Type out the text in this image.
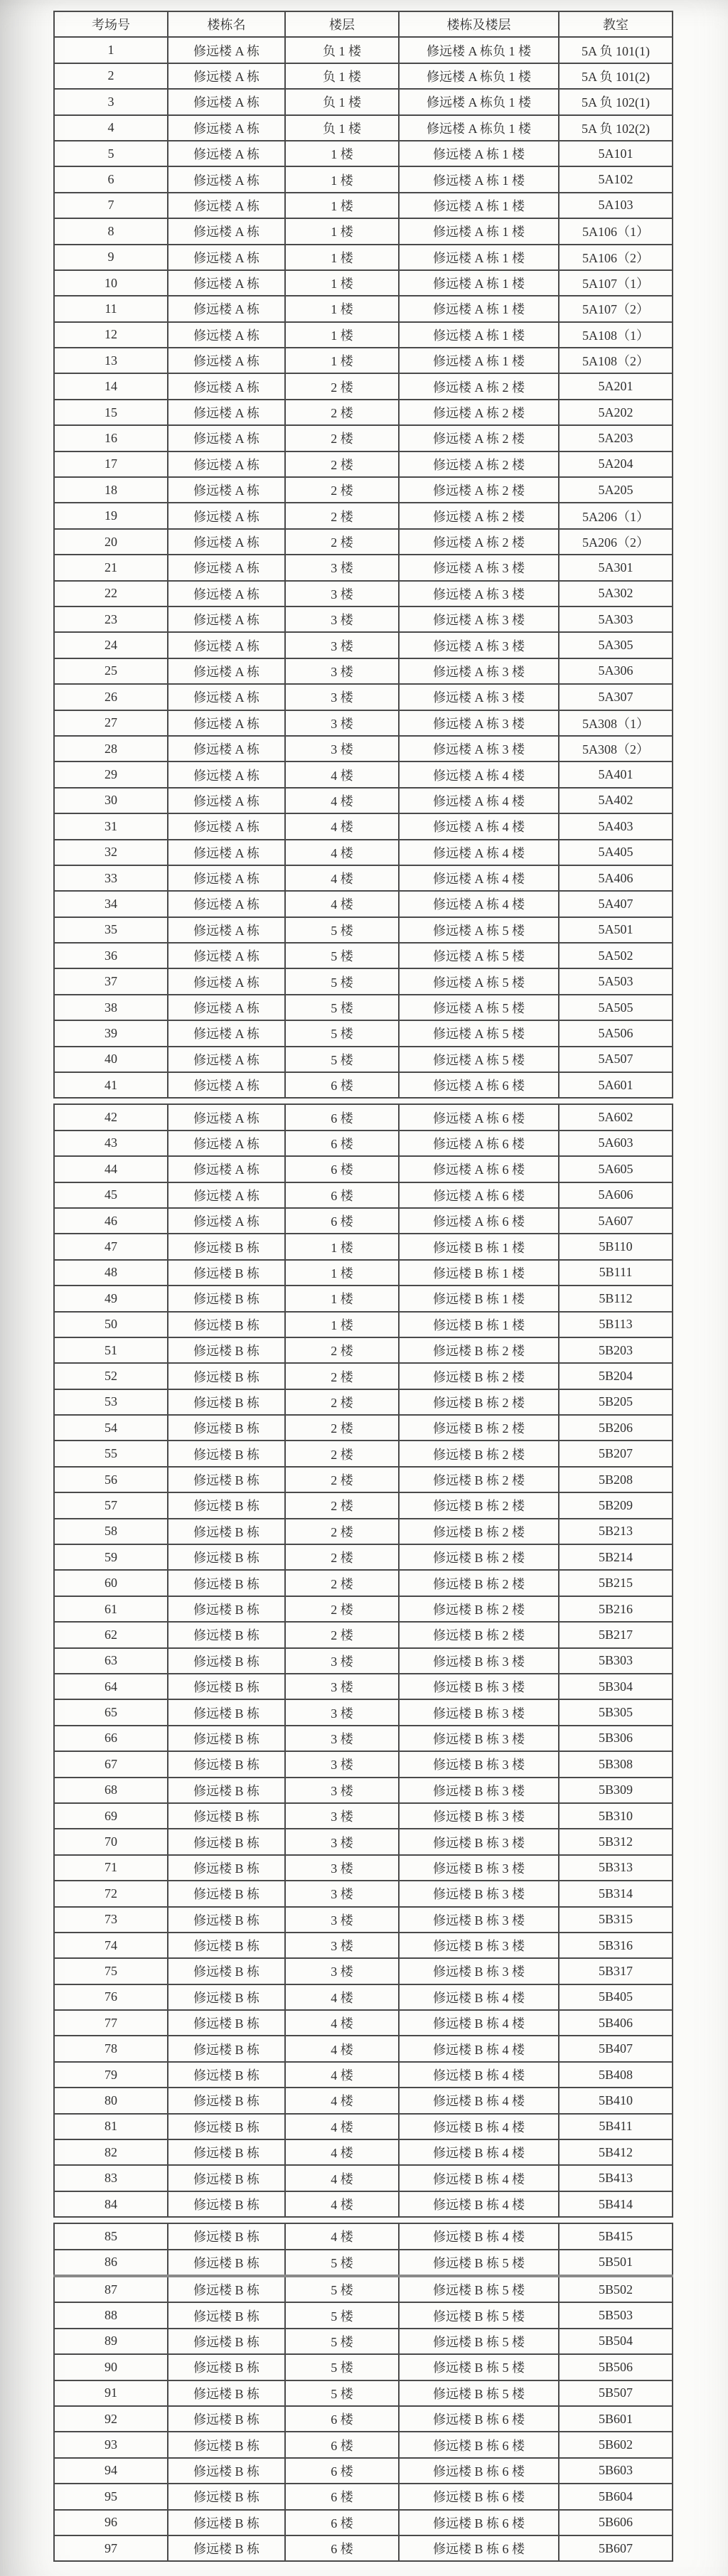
考场号	楼栋名	楼层	楼栋及楼层	教室
1	修远楼 A 栋	负 1 楼	修远楼 A 栋负 1 楼	5A 负 101(1)
2	修远楼 A 栋	负 1 楼	修远楼 A 栋负 1 楼	5A 负 101(2)
3	修远楼 A 栋	负 1 楼	修远楼 A 栋负 1 楼	5A 负 102(1)
4	修远楼 A 栋	负 1 楼	修远楼 A 栋负 1 楼	5A 负 102(2)
5	修远楼 A 栋	1 楼	修远楼 A 栋 1 楼	5A101
6	修远楼 A 栋	1 楼	修远楼 A 栋 1 楼	5A102
7	修远楼 A 栋	1 楼	修远楼 A 栋 1 楼	5A103
8	修远楼 A 栋	1 楼	修远楼 A 栋 1 楼	5A106（1）
9	修远楼 A 栋	1 楼	修远楼 A 栋 1 楼	5A106（2）
10	修远楼 A 栋	1 楼	修远楼 A 栋 1 楼	5A107（1）
11	修远楼 A 栋	1 楼	修远楼 A 栋 1 楼	5A107（2）
12	修远楼 A 栋	1 楼	修远楼 A 栋 1 楼	5A108（1）
13	修远楼 A 栋	1 楼	修远楼 A 栋 1 楼	5A108（2）
14	修远楼 A 栋	2 楼	修远楼 A 栋 2 楼	5A201
15	修远楼 A 栋	2 楼	修远楼 A 栋 2 楼	5A202
16	修远楼 A 栋	2 楼	修远楼 A 栋 2 楼	5A203
17	修远楼 A 栋	2 楼	修远楼 A 栋 2 楼	5A204
18	修远楼 A 栋	2 楼	修远楼 A 栋 2 楼	5A205
19	修远楼 A 栋	2 楼	修远楼 A 栋 2 楼	5A206（1）
20	修远楼 A 栋	2 楼	修远楼 A 栋 2 楼	5A206（2）
21	修远楼 A 栋	3 楼	修远楼 A 栋 3 楼	5A301
22	修远楼 A 栋	3 楼	修远楼 A 栋 3 楼	5A302
23	修远楼 A 栋	3 楼	修远楼 A 栋 3 楼	5A303
24	修远楼 A 栋	3 楼	修远楼 A 栋 3 楼	5A305
25	修远楼 A 栋	3 楼	修远楼 A 栋 3 楼	5A306
26	修远楼 A 栋	3 楼	修远楼 A 栋 3 楼	5A307
27	修远楼 A 栋	3 楼	修远楼 A 栋 3 楼	5A308（1）
28	修远楼 A 栋	3 楼	修远楼 A 栋 3 楼	5A308（2）
29	修远楼 A 栋	4 楼	修远楼 A 栋 4 楼	5A401
30	修远楼 A 栋	4 楼	修远楼 A 栋 4 楼	5A402
31	修远楼 A 栋	4 楼	修远楼 A 栋 4 楼	5A403
32	修远楼 A 栋	4 楼	修远楼 A 栋 4 楼	5A405
33	修远楼 A 栋	4 楼	修远楼 A 栋 4 楼	5A406
34	修远楼 A 栋	4 楼	修远楼 A 栋 4 楼	5A407
35	修远楼 A 栋	5 楼	修远楼 A 栋 5 楼	5A501
36	修远楼 A 栋	5 楼	修远楼 A 栋 5 楼	5A502
37	修远楼 A 栋	5 楼	修远楼 A 栋 5 楼	5A503
38	修远楼 A 栋	5 楼	修远楼 A 栋 5 楼	5A505
39	修远楼 A 栋	5 楼	修远楼 A 栋 5 楼	5A506
40	修远楼 A 栋	5 楼	修远楼 A 栋 5 楼	5A507
41	修远楼 A 栋	6 楼	修远楼 A 栋 6 楼	5A601

42	修远楼 A 栋	6 楼	修远楼 A 栋 6 楼	5A602
43	修远楼 A 栋	6 楼	修远楼 A 栋 6 楼	5A603
44	修远楼 A 栋	6 楼	修远楼 A 栋 6 楼	5A605
45	修远楼 A 栋	6 楼	修远楼 A 栋 6 楼	5A606
46	修远楼 A 栋	6 楼	修远楼 A 栋 6 楼	5A607
47	修远楼 B 栋	1 楼	修远楼 B 栋 1 楼	5B110
48	修远楼 B 栋	1 楼	修远楼 B 栋 1 楼	5B111
49	修远楼 B 栋	1 楼	修远楼 B 栋 1 楼	5B112
50	修远楼 B 栋	1 楼	修远楼 B 栋 1 楼	5B113
51	修远楼 B 栋	2 楼	修远楼 B 栋 2 楼	5B203
52	修远楼 B 栋	2 楼	修远楼 B 栋 2 楼	5B204
53	修远楼 B 栋	2 楼	修远楼 B 栋 2 楼	5B205
54	修远楼 B 栋	2 楼	修远楼 B 栋 2 楼	5B206
55	修远楼 B 栋	2 楼	修远楼 B 栋 2 楼	5B207
56	修远楼 B 栋	2 楼	修远楼 B 栋 2 楼	5B208
57	修远楼 B 栋	2 楼	修远楼 B 栋 2 楼	5B209
58	修远楼 B 栋	2 楼	修远楼 B 栋 2 楼	5B213
59	修远楼 B 栋	2 楼	修远楼 B 栋 2 楼	5B214
60	修远楼 B 栋	2 楼	修远楼 B 栋 2 楼	5B215
61	修远楼 B 栋	2 楼	修远楼 B 栋 2 楼	5B216
62	修远楼 B 栋	2 楼	修远楼 B 栋 2 楼	5B217
63	修远楼 B 栋	3 楼	修远楼 B 栋 3 楼	5B303
64	修远楼 B 栋	3 楼	修远楼 B 栋 3 楼	5B304
65	修远楼 B 栋	3 楼	修远楼 B 栋 3 楼	5B305
66	修远楼 B 栋	3 楼	修远楼 B 栋 3 楼	5B306
67	修远楼 B 栋	3 楼	修远楼 B 栋 3 楼	5B308
68	修远楼 B 栋	3 楼	修远楼 B 栋 3 楼	5B309
69	修远楼 B 栋	3 楼	修远楼 B 栋 3 楼	5B310
70	修远楼 B 栋	3 楼	修远楼 B 栋 3 楼	5B312
71	修远楼 B 栋	3 楼	修远楼 B 栋 3 楼	5B313
72	修远楼 B 栋	3 楼	修远楼 B 栋 3 楼	5B314
73	修远楼 B 栋	3 楼	修远楼 B 栋 3 楼	5B315
74	修远楼 B 栋	3 楼	修远楼 B 栋 3 楼	5B316
75	修远楼 B 栋	3 楼	修远楼 B 栋 3 楼	5B317
76	修远楼 B 栋	4 楼	修远楼 B 栋 4 楼	5B405
77	修远楼 B 栋	4 楼	修远楼 B 栋 4 楼	5B406
78	修远楼 B 栋	4 楼	修远楼 B 栋 4 楼	5B407
79	修远楼 B 栋	4 楼	修远楼 B 栋 4 楼	5B408
80	修远楼 B 栋	4 楼	修远楼 B 栋 4 楼	5B410
81	修远楼 B 栋	4 楼	修远楼 B 栋 4 楼	5B411
82	修远楼 B 栋	4 楼	修远楼 B 栋 4 楼	5B412
83	修远楼 B 栋	4 楼	修远楼 B 栋 4 楼	5B413
84	修远楼 B 栋	4 楼	修远楼 B 栋 4 楼	5B414

85	修远楼 B 栋	4 楼	修远楼 B 栋 4 楼	5B415
86	修远楼 B 栋	5 楼	修远楼 B 栋 5 楼	5B501
87	修远楼 B 栋	5 楼	修远楼 B 栋 5 楼	5B502
88	修远楼 B 栋	5 楼	修远楼 B 栋 5 楼	5B503
89	修远楼 B 栋	5 楼	修远楼 B 栋 5 楼	5B504
90	修远楼 B 栋	5 楼	修远楼 B 栋 5 楼	5B506
91	修远楼 B 栋	5 楼	修远楼 B 栋 5 楼	5B507
92	修远楼 B 栋	6 楼	修远楼 B 栋 6 楼	5B601
93	修远楼 B 栋	6 楼	修远楼 B 栋 6 楼	5B602
94	修远楼 B 栋	6 楼	修远楼 B 栋 6 楼	5B603
95	修远楼 B 栋	6 楼	修远楼 B 栋 6 楼	5B604
96	修远楼 B 栋	6 楼	修远楼 B 栋 6 楼	5B606
97	修远楼 B 栋	6 楼	修远楼 B 栋 6 楼	5B607
